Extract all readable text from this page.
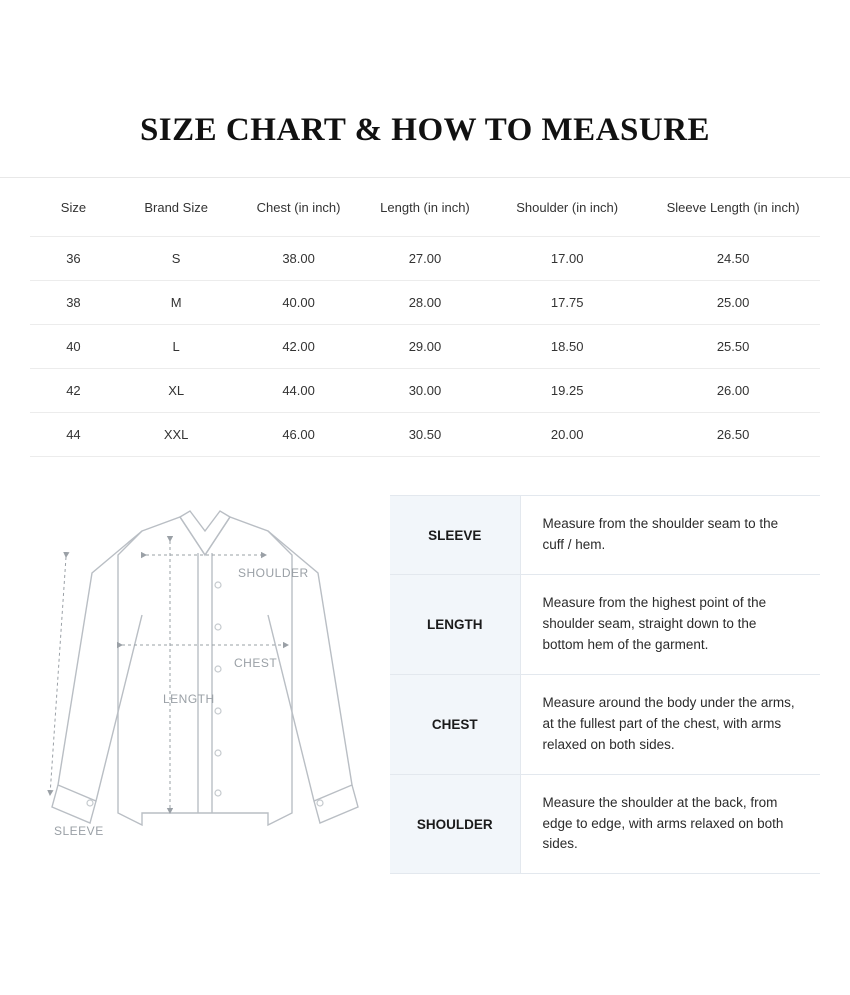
SIZE CHART & HOW TO MEASURE
Size	Brand Size	Chest (in inch)	Length (in inch)	Shoulder (in inch)	Sleeve Length (in inch)
36	S	38.00	27.00	17.00	24.50
38	M	40.00	28.00	17.75	25.00
40	L	42.00	29.00	18.50	25.50
42	XL	44.00	30.00	19.25	26.00
44	XXL	46.00	30.50	20.00	26.50
SHOULDER
CHEST
LENGTH
SLEEVE
SLEEVE	Measure from the shoulder seam to the cuff / hem.
LENGTH	Measure from the highest point of the shoulder seam, straight down to the bottom hem of the garment.
CHEST	Measure around the body under the arms, at the fullest part of the chest, with arms relaxed on both sides.
SHOULDER	Measure the shoulder at the back, from edge to edge, with arms relaxed on both sides.
